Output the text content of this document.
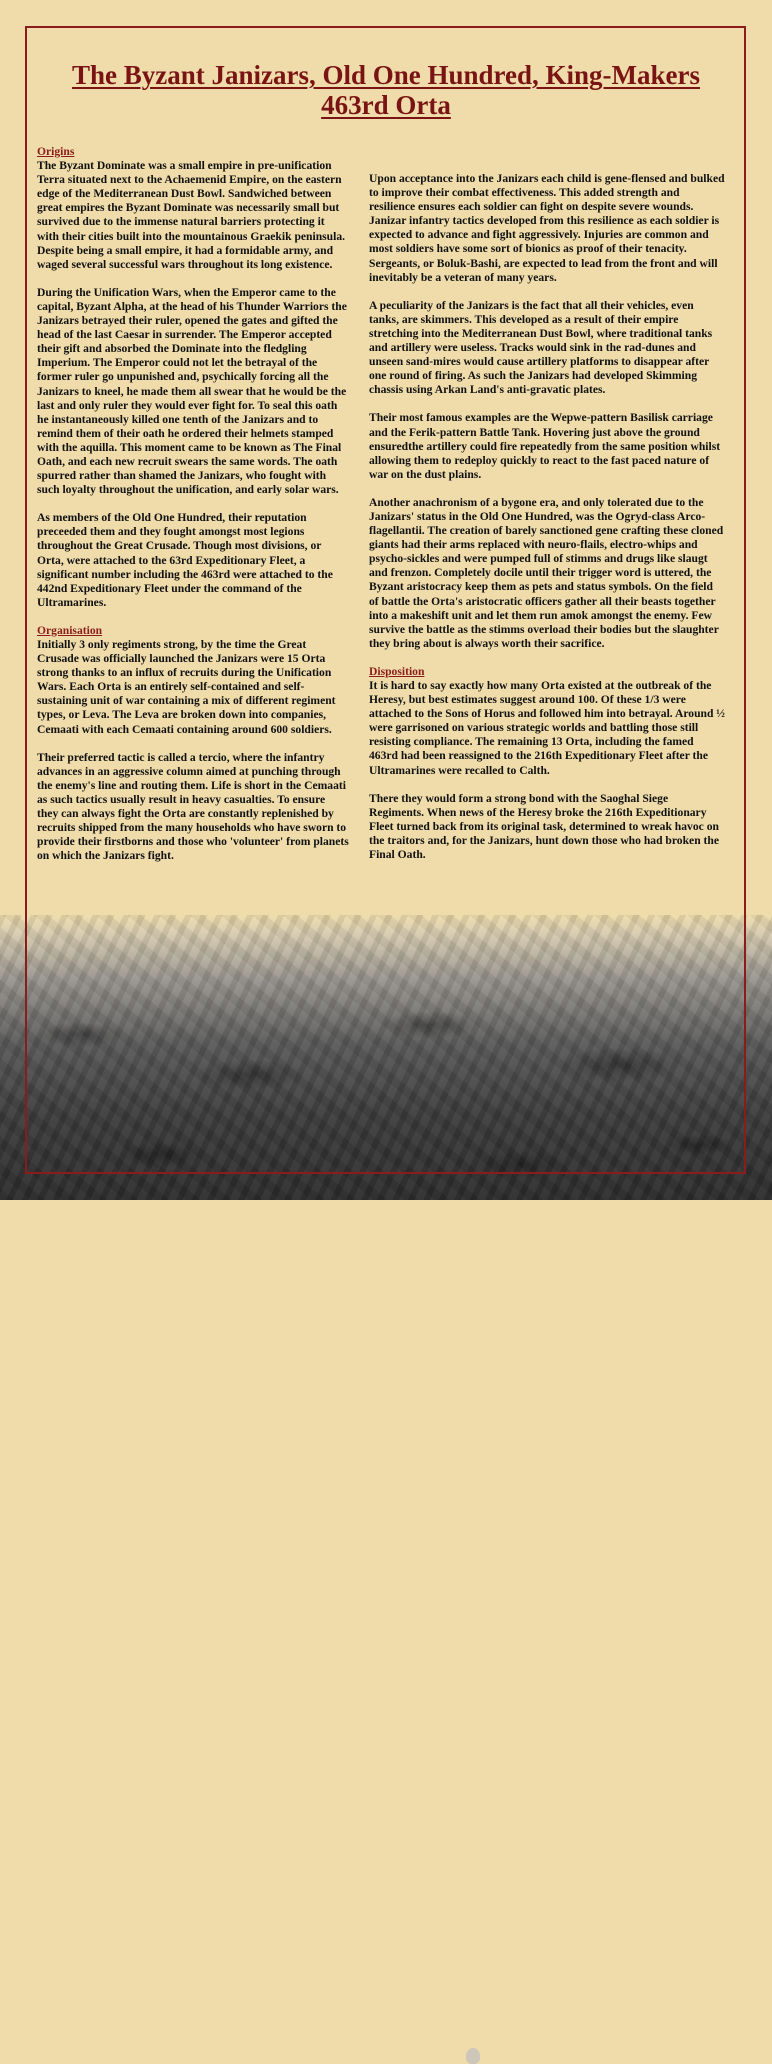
The Byzant Janizars, Old One Hundred, King-Makers
463rd Orta
Origins

The Byzant Dominate was a small empire in pre-unification Terra situated next to the Achaemenid Empire, on the eastern edge of the Mediterranean Dust Bowl. Sandwiched between great empires the Byzant Dominate was necessarily small but survived due to the immense natural barriers protecting it with their cities built into the mountainous Graekik peninsula. Despite being a small empire, it had a formidable army, and waged several successful wars throughout its long existence.

During the Unification Wars, when the Emperor came to the capital, Byzant Alpha, at the head of his Thunder Warriors the Janizars betrayed their ruler, opened the gates and gifted the head of the last Caesar in surrender. The Emperor accepted their gift and absorbed the Dominate into the fledgling Imperium. The Emperor could not let the betrayal of the former ruler go unpunished and, psychically forcing all the Janizars to kneel, he made them all swear that he would be the last and only ruler they would ever fight for. To seal this oath he instantaneously killed one tenth of the Janizars and to remind them of their oath he ordered their helmets stamped with the aquilla. This moment came to be known as The Final Oath, and each new recruit swears the same words. The oath spurred rather than shamed the Janizars, who fought with such loyalty throughout the unification, and early solar wars.

As members of the Old One Hundred, their reputation preceeded them and they fought amongst most legions throughout the Great Crusade. Though most divisions, or Orta, were attached to the 63rd Expeditionary Fleet, a significant number including the 463rd were attached to the 442nd Expeditionary Fleet under the command of the Ultramarines.

Organisation

Initially 3 only regiments strong, by the time the Great Crusade was officially launched the Janizars were 15 Orta strong thanks to an influx of recruits during the Unification Wars. Each Orta is an entirely self-contained and self-sustaining unit of war containing a mix of different regiment types, or Leva. The Leva are broken down into companies, Cemaati with each Cemaati containing around 600 soldiers.

Their preferred tactic is called a tercio, where the infantry advances in an aggressive column aimed at punching through the enemy's line and routing them. Life is short in the Cemaati as such tactics usually result in heavy casualties. To ensure they can always fight the Orta are constantly replenished by recruits shipped from the many households who have sworn to provide their firstborns and those who 'volunteer' from planets on which the Janizars fight.

Upon acceptance into the Janizars each child is gene-flensed and bulked to improve their combat effectiveness. This added strength and resilience ensures each soldier can fight on despite severe wounds. Janizar infantry tactics developed from this resilience as each soldier is expected to advance and fight aggressively. Injuries are common and most soldiers have some sort of bionics as proof of their tenacity. Sergeants, or Boluk-Bashi, are expected to lead from the front and will inevitably be a veteran of many years.

A peculiarity of the Janizars is the fact that all their vehicles, even tanks, are skimmers. This developed as a result of their empire stretching into the Mediterranean Dust Bowl, where traditional tanks and artillery were useless. Tracks would sink in the rad-dunes and unseen sand-mires would cause artillery platforms to disappear after one round of firing. As such the Janizars had developed Skimming chassis using Arkan Land's anti-gravatic plates.

Their most famous examples are the Wepwe-pattern Basilisk carriage and the Ferik-pattern Battle Tank. Hovering just above the ground ensuredthe artillery could fire repeatedly from the same position whilst allowing them to redeploy quickly to react to the fast paced nature of war on the dust plains.

Another anachronism of a bygone era, and only tolerated due to the Janizars' status in the Old One Hundred, was the Ogryd-class Arco-flagellantii. The creation of barely sanctioned gene crafting these cloned giants had their arms replaced with neuro-flails, electro-whips and psycho-sickles and were pumped full of stimms and drugs like slaugt and frenzon. Completely docile until their trigger word is uttered, the Byzant aristocracy keep them as pets and status symbols. On the field of battle the Orta's aristocratic officers gather all their beasts together into a makeshift unit and let them run amok amongst the enemy. Few survive the battle as the stimms overload their bodies but the slaughter they bring about is always worth their sacrifice.

Disposition

It is hard to say exactly how many Orta existed at the outbreak of the Heresy, but best estimates suggest around 100. Of these 1/3 were attached to the Sons of Horus and followed him into betrayal. Around ½ were garrisoned on various strategic worlds and battling those still resisting compliance. The remaining 13 Orta, including the famed 463rd had been reassigned to the 216th Expeditionary Fleet after the Ultramarines were recalled to Calth.

There they would form a strong bond with the Saoghal Siege Regiments. When news of the Heresy broke the 216th Expeditionary Fleet turned back from its original task, determined to wreak havoc on the traitors and, for the Janizars, hunt down those who had broken the Final Oath.
